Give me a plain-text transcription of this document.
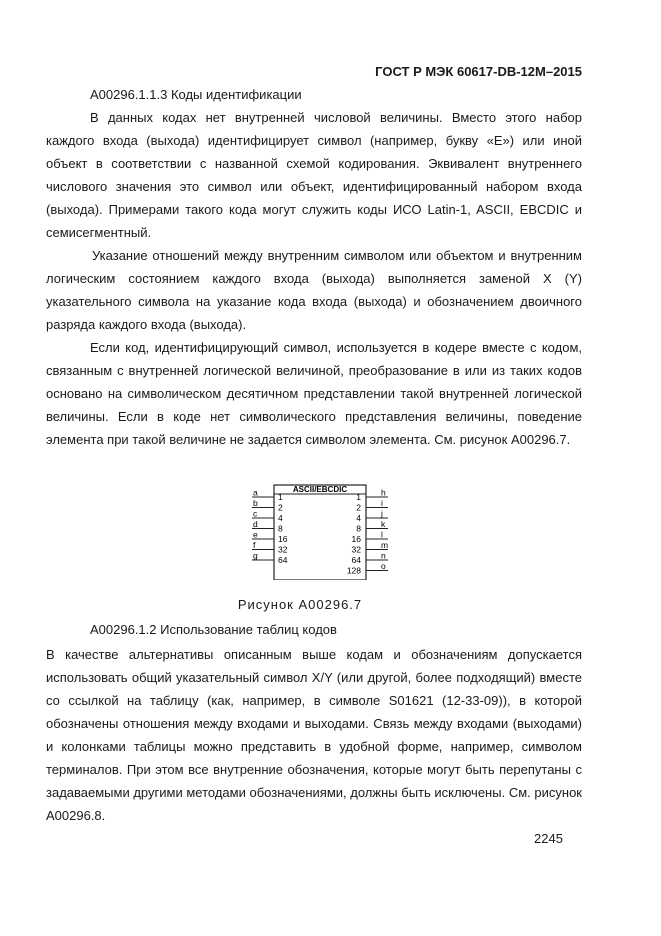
ГОСТ Р МЭК 60617-DB-12M–2015
A00296.1.1.3 Коды идентификации

В данных кодах нет внутренней числовой величины. Вместо этого набор каждого входа (выхода) идентифицирует символ (например, букву «E») или иной объект в соответствии с названной схемой кодирования. Эквивалент внутреннего числового значения это символ или объект, идентифицированный набором входа (выхода). Примерами такого кода могут служить коды ИСО Latin-1, ASCII, EBCDIC и семисегментный.

Указание отношений между внутренним символом или объектом и внутренним логическим состоянием каждого входа (выхода) выполняется заменой X (Y) указательного символа на указание кода входа (выхода) и обозначением двоичного разряда каждого входа (выхода).

Если код, идентифицирующий символ, используется в кодере вместе с кодом, связанным с внутренней логической величиной, преобразование в или из таких кодов основано на символическом десятичном представлении такой внутренней логической величины. Если в коде нет символического представления величины, поведение элемента при такой величине не задается символом элемента. См. рисунок A00296.7.

ASCII/EBCDIC
a 1
b 2
c 4
d 8
e 16
f	32
g 64
h
1
i
2
j
4
k
8
l
16
m
32
n
64
o
128
Рисунок A00296.7
A00296.1.2 Использование таблиц кодов

В качестве альтернативы описанным выше кодам и обозначениям допускается использовать общий указательный символ X/Y (или другой, более подходящий) вместе со ссылкой на таблицу (как, например, в символе S01621 (12-33-09)), в которой обозначены отношения между входами и выходами. Связь между входами (выходами) и колонками таблицы можно представить в удобной форме, например, символом терминалов. При этом все внутренние обозначения, которые могут быть перепутаны с задаваемыми другими методами обозначениями, должны быть исключены. См. рисунок A00296.8.

2245
